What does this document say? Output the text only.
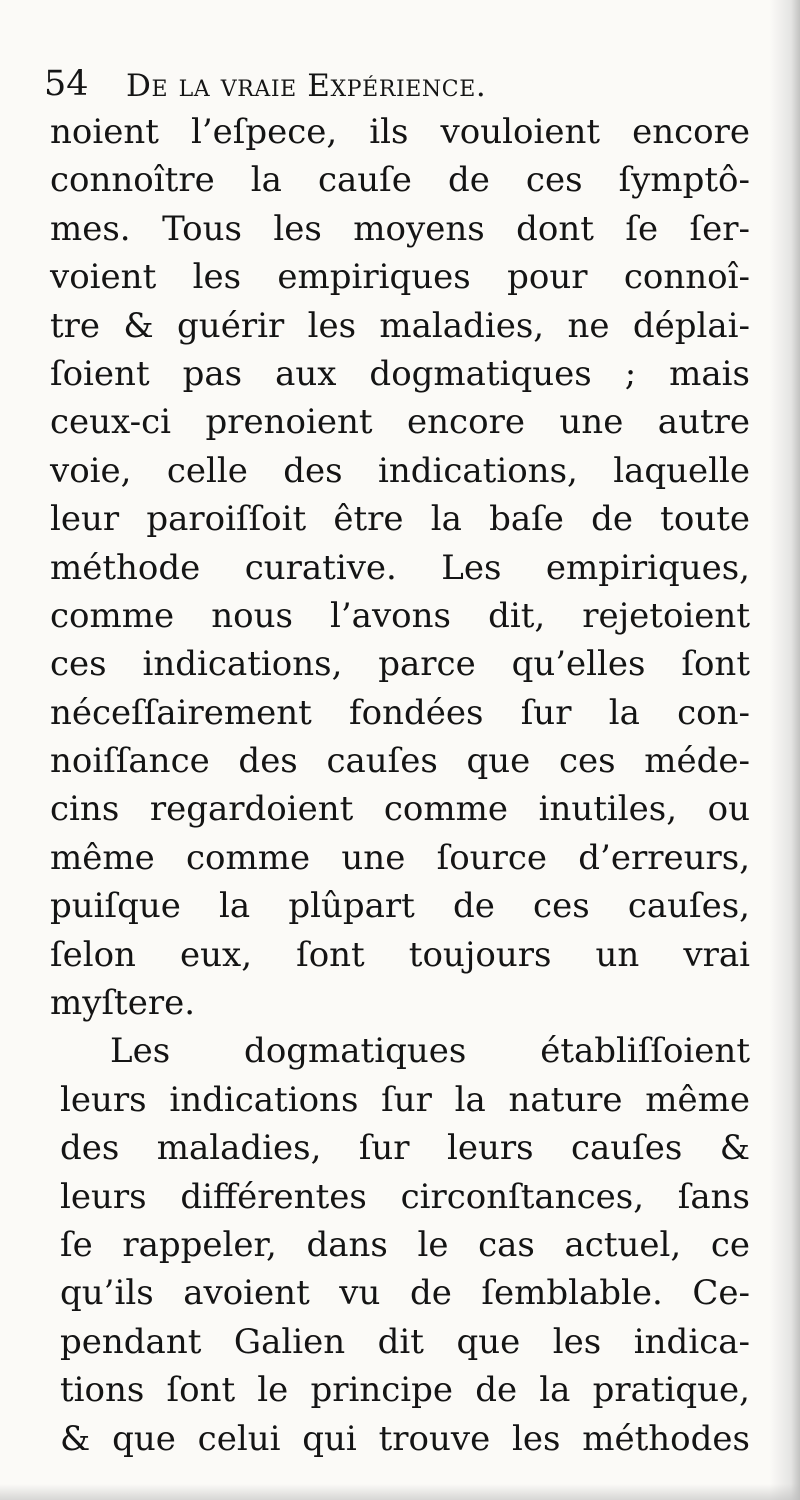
54 De la vraie Expérience.
noient l’eſpece, ils vouloient encore
connoître la cauſe de ces ſymptô-
mes. Tous les moyens dont ſe ſer-
voient les empiriques pour connoî-
tre & guérir les maladies, ne déplai-
ſoient pas aux dogmatiques ; mais
ceux-ci prenoient encore une autre
voie, celle des indications, laquelle
leur paroiſſoit être la baſe de toute
méthode curative. Les empiriques,
comme nous l’avons dit, rejetoient
ces indications, parce qu’elles ſont
néceſſairement fondées ſur la con-
noiſſance des cauſes que ces méde-
cins regardoient comme inutiles, ou
même comme une ſource d’erreurs,
puiſque la plûpart de ces cauſes,
ſelon eux, ſont toujours un vrai
myſtere.
Les dogmatiques établiſſoient
leurs indications ſur la nature même
des maladies, ſur leurs cauſes &
leurs différentes circonſtances, ſans
ſe rappeler, dans le cas actuel, ce
qu’ils avoient vu de ſemblable. Ce-
pendant Galien dit que les indica-
tions ſont le principe de la pratique,
& que celui qui trouve les méthodes
